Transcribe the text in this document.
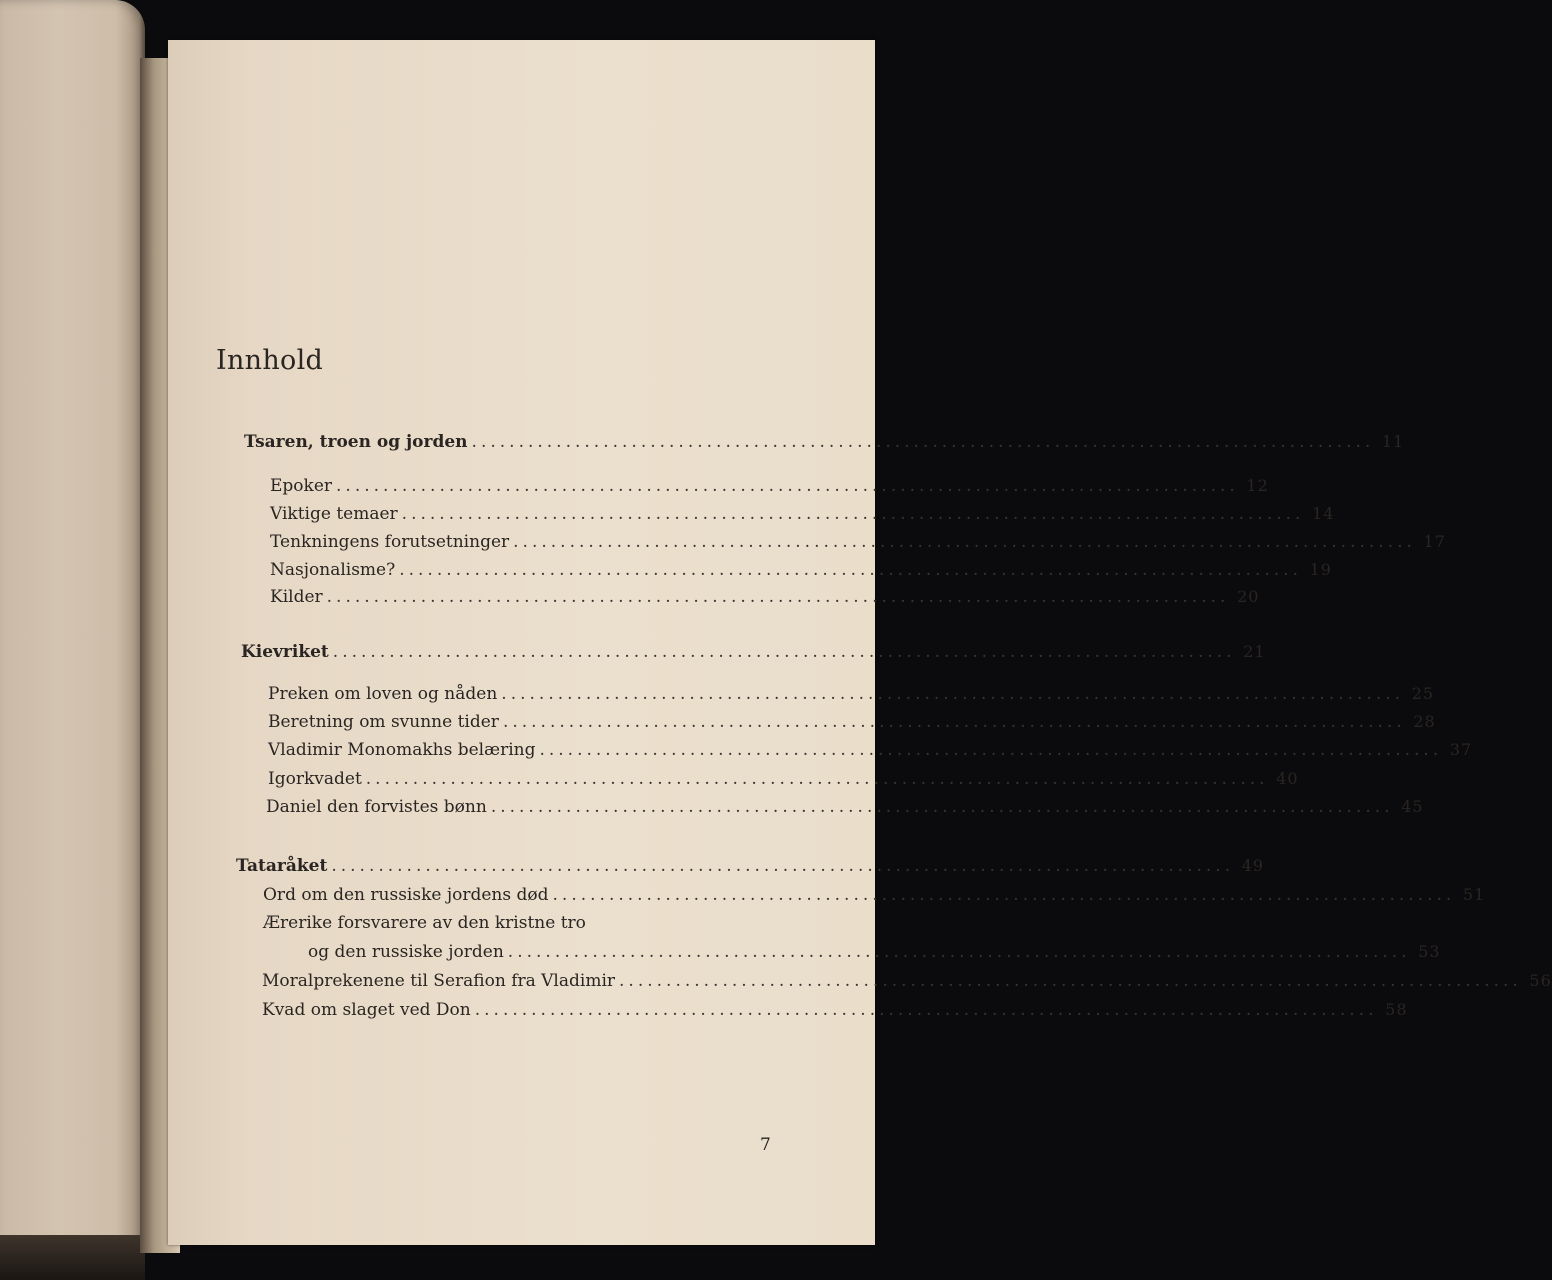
Innhold
Tsaren, troen og jorden ................................................................................................ 11
Epoker ................................................................................................ 12
Viktige temaer ................................................................................................ 14
Tenkningens forutsetninger ................................................................................................ 17
Nasjonalisme? ................................................................................................ 19
Kilder ................................................................................................ 20
Kievriket ................................................................................................ 21
Preken om loven og nåden ................................................................................................ 25
Beretning om svunne tider ................................................................................................ 28
Vladimir Monomakhs belæring ................................................................................................ 37
Igorkvadet ................................................................................................ 40
Daniel den forvistes bønn ................................................................................................ 45
Tataråket ................................................................................................ 49
Ord om den russiske jordens død ................................................................................................ 51
Ærerike forsvarere av den kristne tro
og den russiske jorden ................................................................................................ 53
Moralprekenene til Serafion fra Vladimir ................................................................................................ 56
Kvad om slaget ved Don ................................................................................................ 58
7
